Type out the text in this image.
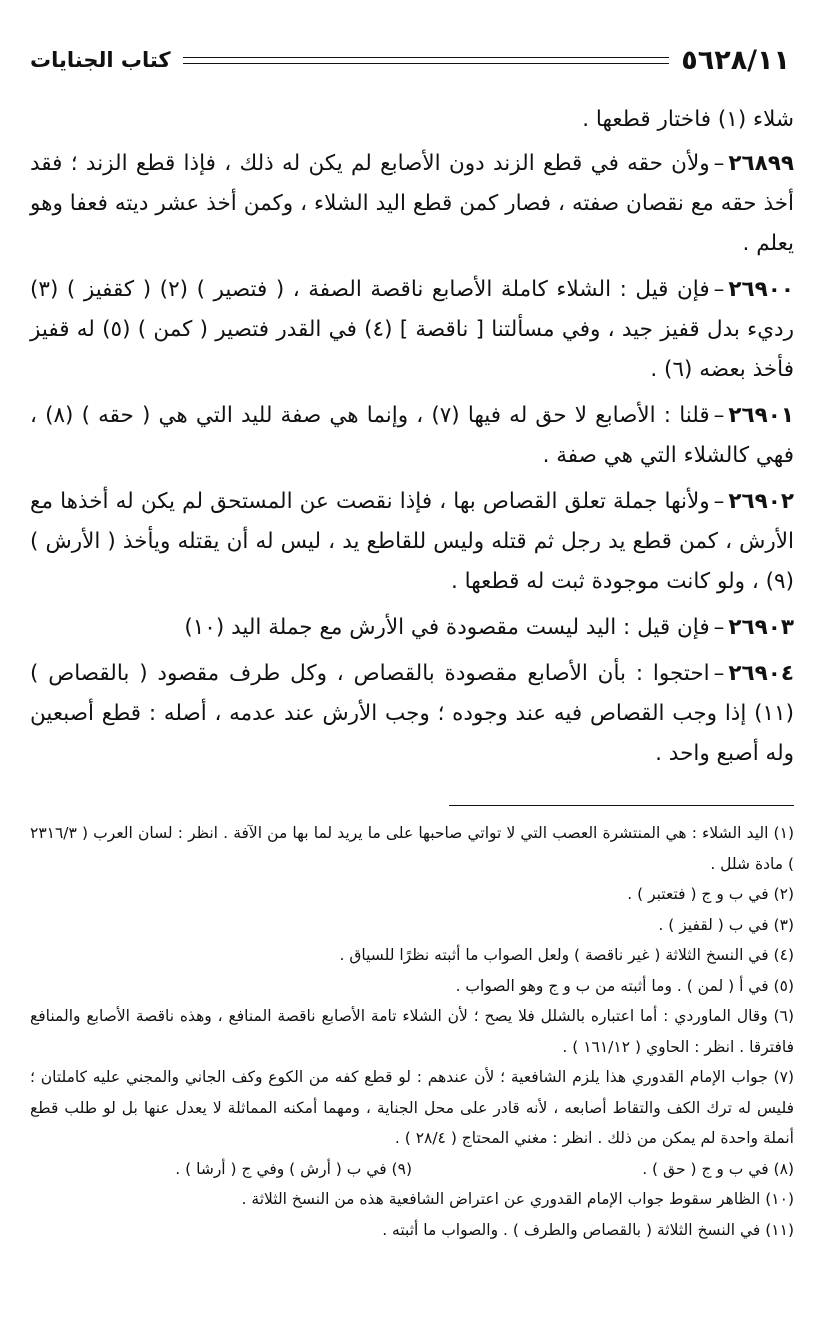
٥٦٢٨/١١
كتاب الجنايات

شلاء (١) فاختار قطعها .

٢٦٨٩٩–ولأن حقه في قطع الزند دون الأصابع لم يكن له ذلك ، فإذا قطع الزند ؛ فقد أخذ حقه مع نقصان صفته ، فصار كمن قطع اليد الشلاء ، وكمن أخذ عشر ديته فعفا وهو يعلم .

٢٦٩٠٠–فإن قيل : الشلاء كاملة الأصابع ناقصة الصفة ، ( فتصير ) (٢) ( كقفيز ) (٣) رديء بدل قفيز جيد ، وفي مسألتنا [ ناقصة ] (٤) في القدر فتصير ( كمن ) (٥) له قفيز فأخذ بعضه (٦) .

٢٦٩٠١–قلنا : الأصابع لا حق له فيها (٧) ، وإنما هي صفة لليد التي هي ( حقه ) (٨) ، فهي كالشلاء التي هي صفة .

٢٦٩٠٢–ولأنها جملة تعلق القصاص بها ، فإذا نقصت عن المستحق لم يكن له أخذها مع الأرش ، كمن قطع يد رجل ثم قتله وليس للقاطع يد ، ليس له أن يقتله ويأخذ ( الأرش ) (٩) ، ولو كانت موجودة ثبت له قطعها .

٢٦٩٠٣–فإن قيل : اليد ليست مقصودة في الأرش مع جملة اليد (١٠)

٢٦٩٠٤–احتجوا : بأن الأصابع مقصودة بالقصاص ، وكل طرف مقصود ( بالقصاص ) (١١) إذا وجب القصاص فيه عند وجوده ؛ وجب الأرش عند عدمه ، أصله : قطع أصبعين وله أصبع واحد .

(١) اليد الشلاء : هي المنتشرة العصب التي لا تواتي صاحبها على ما يريد لما بها من الآفة . انظر : لسان العرب ( ٢٣١٦/٣ ) مادة شلل .

(٢) في ب و ج ( فتعتبر ) .

(٣) في ب ( لقفيز ) .

(٤) في النسخ الثلاثة ( غير ناقصة ) ولعل الصواب ما أثبته نظرًا للسياق .

(٥) في أ ( لمن ) . وما أثبته من ب و ج وهو الصواب .

(٦) وقال الماوردي : أما اعتباره بالشلل فلا يصح ؛ لأن الشلاء تامة الأصابع ناقصة المنافع ، وهذه ناقصة الأصابع والمنافع فافترقا . انظر : الحاوي ( ١٦١/١٢ ) .

(٧) جواب الإمام القدوري هذا يلزم الشافعية ؛ لأن عندهم : لو قطع كفه من الكوع وكف الجاني والمجني عليه كاملتان ؛ فليس له ترك الكف والتقاط أصابعه ، لأنه قادر على محل الجناية ، ومهما أمكنه المماثلة لا يعدل عنها بل لو طلب قطع أنملة واحدة لم يمكن من ذلك . انظر : مغني المحتاج ( ٢٨/٤ ) .

(٨) في ب و ج ( حق ) .

(٩) في ب ( أرش ) وفي ج ( أرشا ) .

(١٠) الظاهر سقوط جواب الإمام القدوري عن اعتراض الشافعية هذه من النسخ الثلاثة .

(١١) في النسخ الثلاثة ( بالقصاص والطرف ) . والصواب ما أثبته .
